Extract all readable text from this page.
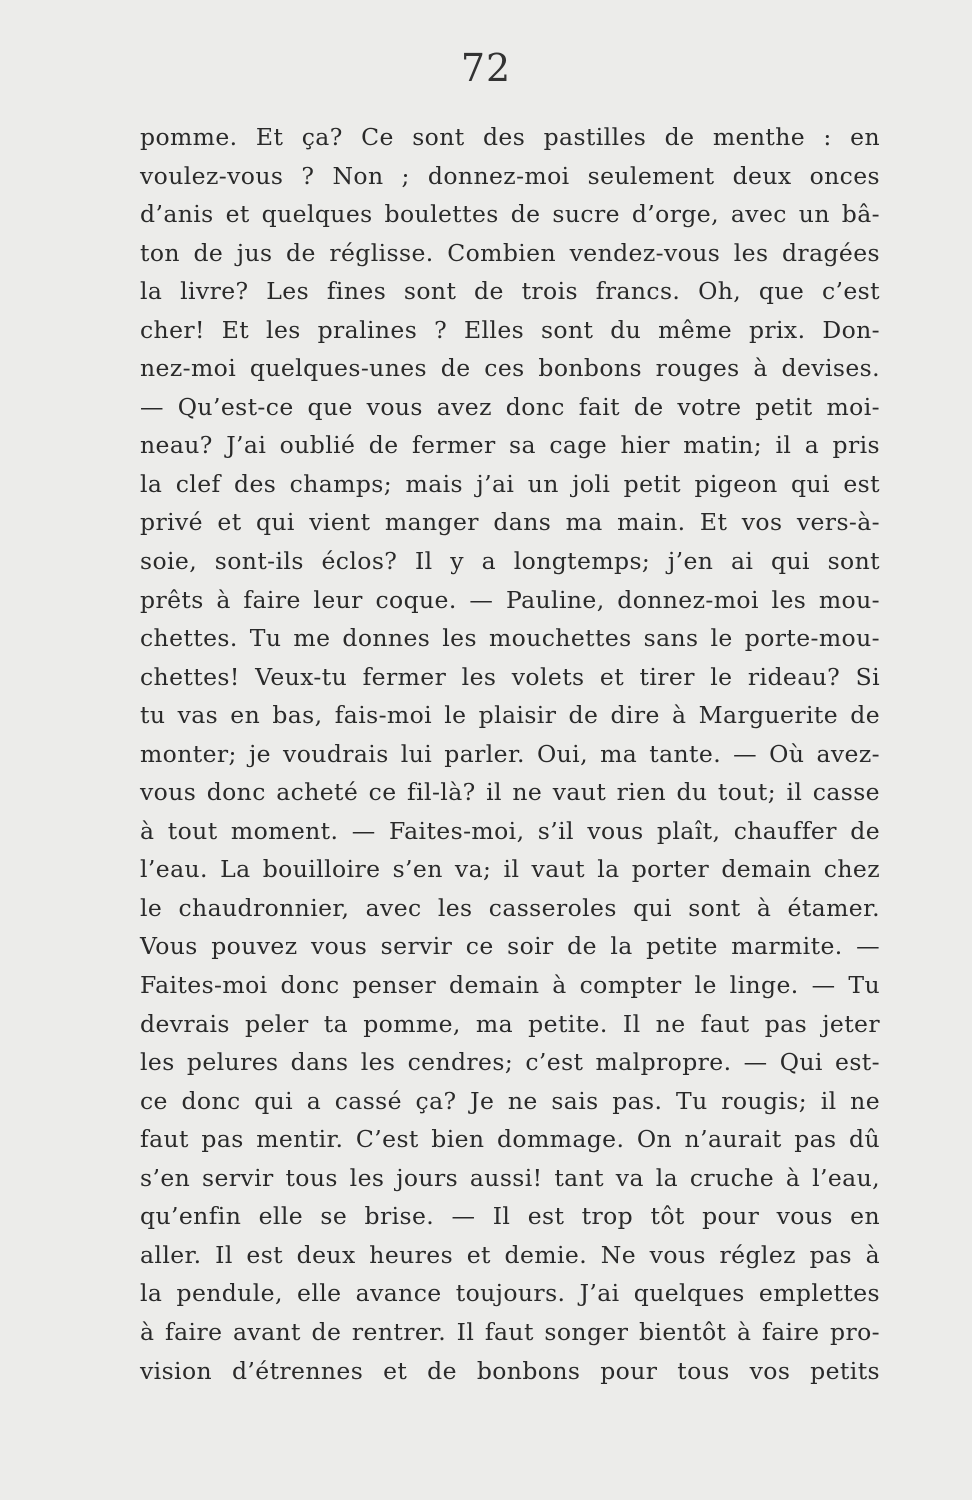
72
pomme. Et ça? Ce sont des pastilles de menthe : en
voulez-vous ? Non ; donnez-moi seulement deux onces
d’anis et quelques boulettes de sucre d’orge, avec un bâ-
ton de jus de réglisse. Combien vendez-vous les dragées
la livre? Les fines sont de trois francs. Oh, que c’est
cher! Et les pralines ? Elles sont du même prix. Don-
nez-moi quelques-unes de ces bonbons rouges à devises.
— Qu’est-ce que vous avez donc fait de votre petit moi-
neau? J’ai oublié de fermer sa cage hier matin; il a pris
la clef des champs; mais j’ai un joli petit pigeon qui est
privé et qui vient manger dans ma main. Et vos vers-à-
soie, sont-ils éclos? Il y a longtemps; j’en ai qui sont
prêts à faire leur coque. — Pauline, donnez-moi les mou-
chettes. Tu me donnes les mouchettes sans le porte-mou-
chettes! Veux-tu fermer les volets et tirer le rideau? Si
tu vas en bas, fais-moi le plaisir de dire à Marguerite de
monter; je voudrais lui parler. Oui, ma tante. — Où avez-
vous donc acheté ce fil-là? il ne vaut rien du tout; il casse
à tout moment. — Faites-moi, s’il vous plaît, chauffer de
l’eau. La bouilloire s’en va; il vaut la porter demain chez
le chaudronnier, avec les casseroles qui sont à étamer.
Vous pouvez vous servir ce soir de la petite marmite. —
Faites-moi donc penser demain à compter le linge. — Tu
devrais peler ta pomme, ma petite. Il ne faut pas jeter
les pelures dans les cendres; c’est malpropre. — Qui est-
ce donc qui a cassé ça? Je ne sais pas. Tu rougis; il ne
faut pas mentir. C’est bien dommage. On n’aurait pas dû
s’en servir tous les jours aussi! tant va la cruche à l’eau,
qu’enfin elle se brise. — Il est trop tôt pour vous en
aller. Il est deux heures et demie. Ne vous réglez pas à
la pendule, elle avance toujours. J’ai quelques emplettes
à faire avant de rentrer. Il faut songer bientôt à faire pro-
vision d’étrennes et de bonbons pour tous vos petits
